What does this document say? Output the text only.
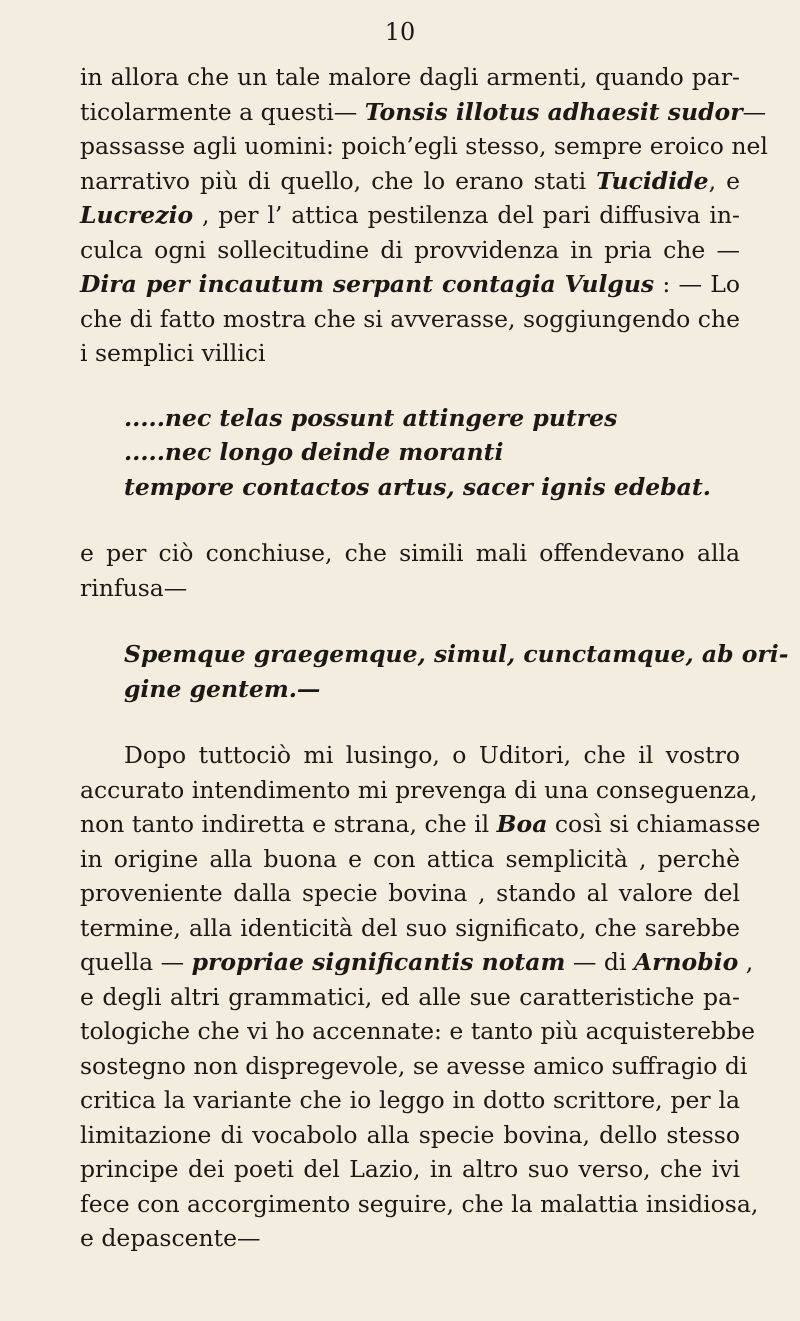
10
in allora che un tale malore dagli armenti, quando par-
ticolarmente a questi— Tonsis illotus adhaesit sudor—
passasse agli uomini: poich’egli stesso, sempre eroico nel
narrativo più di quello, che lo erano stati Tucidide, e
Lucrezio , per l’ attica pestilenza del pari diffusiva in-
culca ogni sollecitudine di provvidenza in pria che —
Dira per incautum serpant contagia Vulgus : — Lo
che di fatto mostra che si avverasse, soggiungendo che
i semplici villici
.....nec telas possunt attingere putres
.....nec longo deinde moranti
tempore contactos artus, sacer ignis edebat.
e per ciò conchiuse, che simili mali offendevano alla
rinfusa—
Spemque graegemque, simul, cunctamque, ab ori-
gine gentem.—
Dopo tuttociò mi lusingo, o Uditori, che il vostro
accurato intendimento mi prevenga di una conseguenza,
non tanto indiretta e strana, che il Boa così si chiamasse
in origine alla buona e con attica semplicità , perchè
proveniente dalla specie bovina , stando al valore del
termine, alla identicità del suo significato, che sarebbe
quella — propriae significantis notam — di Arnobio ,
e degli altri grammatici, ed alle sue caratteristiche pa-
tologiche che vi ho accennate: e tanto più acquisterebbe
sostegno non dispregevole, se avesse amico suffragio di
critica la variante che io leggo in dotto scrittore, per la
limitazione di vocabolo alla specie bovina, dello stesso
principe dei poeti del Lazio, in altro suo verso, che ivi
fece con accorgimento seguire, che la malattia insidiosa,
e depascente—
